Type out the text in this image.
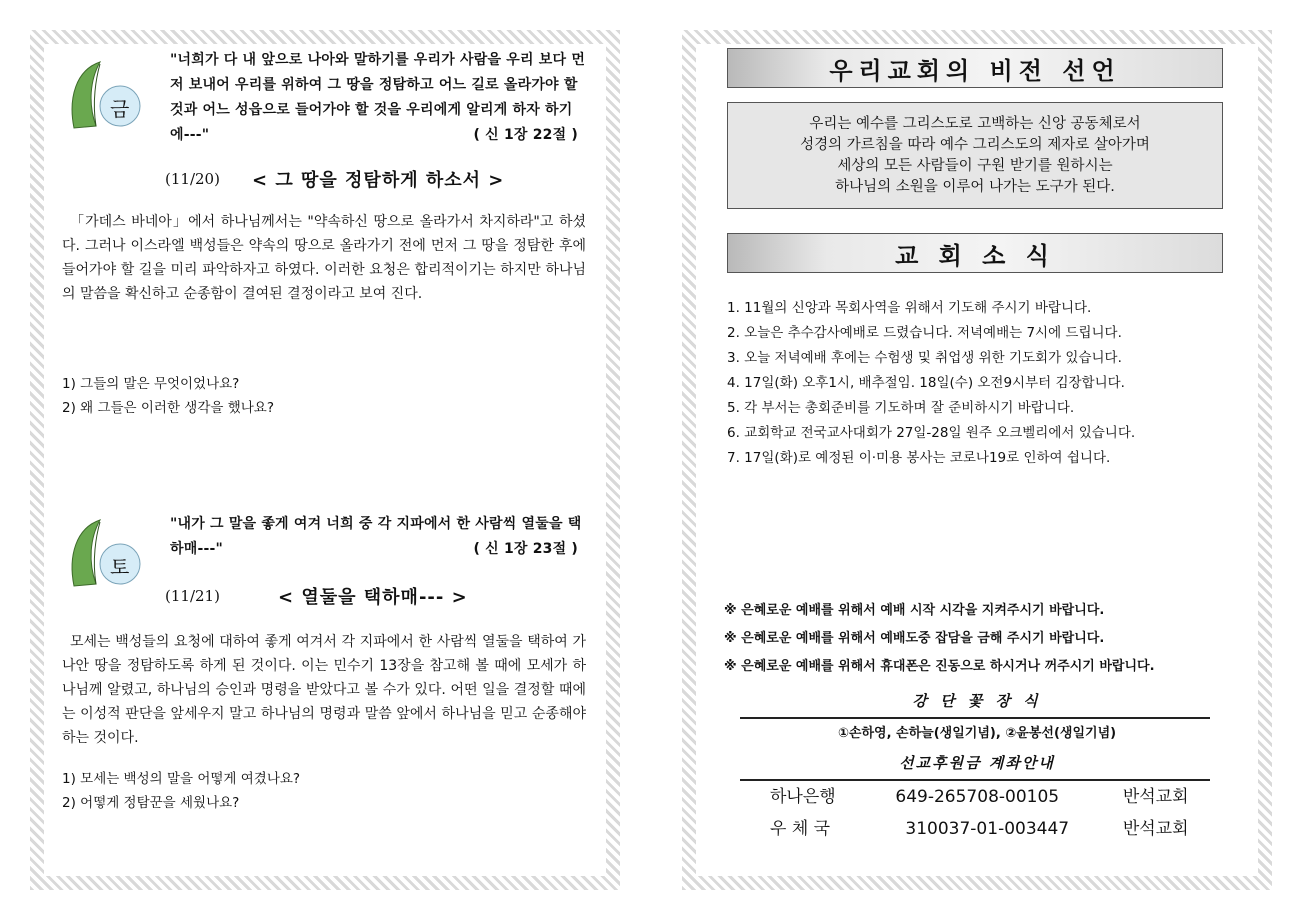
금
"너희가 다 내 앞으로 나아와 말하기를 우리가 사람을 우리 보다 먼저 보내어 우리를 위하여 그 땅을 정탐하고 어느 길로 올라가야 할 것과 어느 성읍으로 들어가야 할 것을 우리에게 알리게 하자 하기에---"	( 신 1장 22절 )
(11/20) < 그 땅을 정탐하게 하소서 >
「가데스 바네아」에서 하나님께서는 "약속하신 땅으로 올라가서 차지하라"고 하셨다. 그러나 이스라엘 백성들은 약속의 땅으로 올라가기 전에 먼저 그 땅을 정탐한 후에 들어가야 할 길을 미리 파악하자고 하였다. 이러한 요청은 합리적이기는 하지만 하나님의 말씀을 확신하고 순종함이 결여된 결정이라고 보여 진다.
1) 그들의 말은 무엇이었나요?
2) 왜 그들은 이러한 생각을 했나요?
토
"내가 그 말을 좋게 여겨 너희 중 각 지파에서 한 사람씩 열둘을 택하매---"	( 신 1장 23절 )
(11/21)	< 열둘을 택하매--- >
모세는 백성들의 요청에 대하여 좋게 여겨서 각 지파에서 한 사람씩 열둘을 택하여 가나안 땅을 정탐하도록 하게 된 것이다. 이는 민수기 13장을 참고해 볼 때에 모세가 하나님께 알렸고, 하나님의 승인과 명령을 받았다고 볼 수가 있다. 어떤 일을 결정할 때에는 이성적 판단을 앞세우지 말고 하나님의 명령과 말씀 앞에서 하나님을 믿고 순종해야 하는 것이다.
1) 모세는 백성의 말을 어떻게 여겼나요?
2) 어떻게 정탐꾼을 세웠나요?
우리교회의 비전 선언
우리는 예수를 그리스도로 고백하는 신앙 공동체로서
성경의 가르침을 따라 예수 그리스도의 제자로 살아가며
세상의 모든 사람들이 구원 받기를 원하시는
하나님의 소원을 이루어 나가는 도구가 된다.
교 회 소 식
1. 11월의 신앙과 목회사역을 위해서 기도해 주시기 바랍니다.
2. 오늘은 추수감사예배로 드렸습니다. 저녁예배는 7시에 드립니다.
3. 오늘 저녁예배 후에는 수험생 및 취업생 위한 기도회가 있습니다.
4. 17일(화) 오후1시, 배추절임. 18일(수) 오전9시부터 김장합니다.
5. 각 부서는 총회준비를 기도하며 잘 준비하시기 바랍니다.
6. 교회학교 전국교사대회가 27일-28일 원주 오크벨리에서 있습니다.
7. 17일(화)로 예정된 이·미용 봉사는 코로나19로 인하여 쉽니다.
※ 은혜로운 예배를 위해서 예배 시작 시각을 지켜주시기 바랍니다.
※ 은혜로운 예배를 위해서 예배도중 잡담을 금해 주시기 바랍니다.
※ 은혜로운 예배를 위해서 휴대폰은 진동으로 하시거나 꺼주시기 바랍니다.
강 단 꽃 장 식
①손하영, 손하늘(생일기념), ②윤봉선(생일기념)
선교후원금 계좌안내
하나은행	649-265708-00105	반석교회
우 체 국	310037-01-003447	반석교회
